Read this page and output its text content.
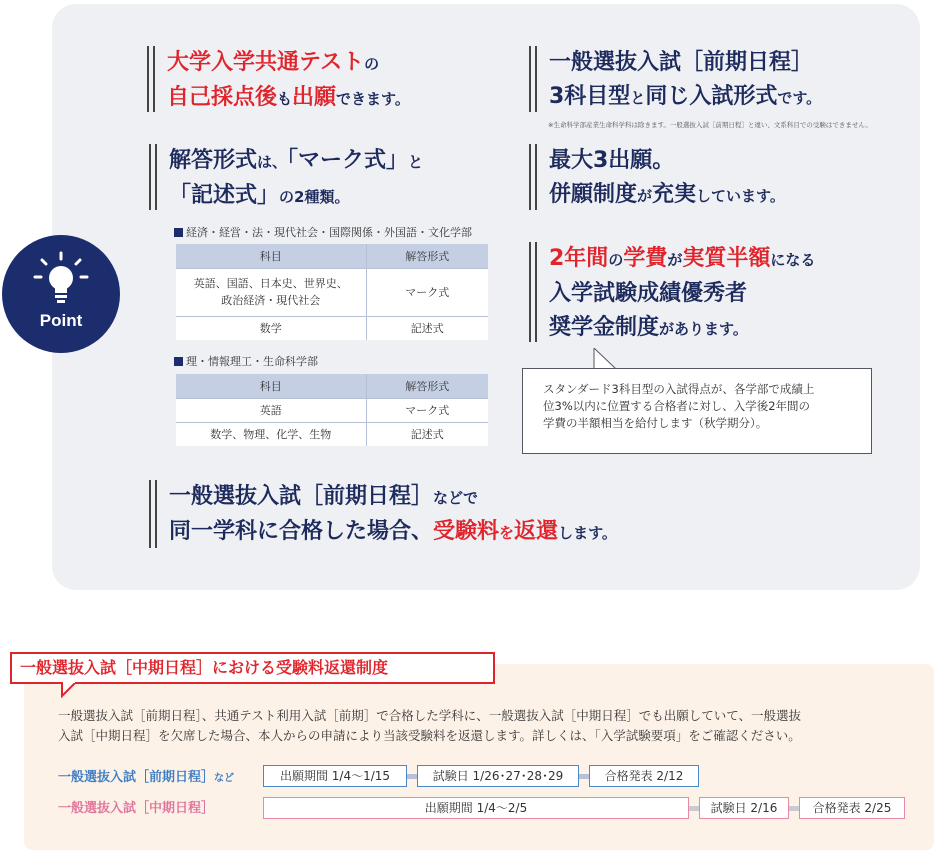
Point
大学入学共通テストの
自己採点後も出願できます。
一般選抜入試［前期日程］
3科目型と同じ入試形式です。
※生命科学部産業生命科学科は除きます。一般選抜入試［前期日程］と違い、文系科目での受験はできません。
解答形式は、「マーク式」と
「記述式」の2種類。
経済・経営・法・現代社会・国際関係・外国語・文化学部
科目	解答形式
英語、国語、日本史、世界史、
政治経済・現代社会	マーク式
数学	記述式
理・情報理工・生命科学部
科目	解答形式
英語	マーク式
数学、物理、化学、生物	記述式
最大3出願。
併願制度が充実しています。
2年間の学費が実質半額になる
入学試験成績優秀者
奨学金制度があります。
スタンダード3科目型の入試得点が、各学部で成績上
位3%以内に位置する合格者に対し、入学後2年間の
学費の半額相当を給付します（秋学期分）。
一般選抜入試［前期日程］などで
同一学科に合格した場合、受験料を返還します。
一般選抜入試［中期日程］における受験料返還制度
一般選抜入試［前期日程］、共通テスト利用入試［前期］で合格した学科に、一般選抜入試［中期日程］でも出願していて、一般選抜
入試［中期日程］を欠席した場合、本人からの申請により当該受験料を返還します。詳しくは、「入学試験要項」をご確認ください。
一般選抜入試［前期日程］など	出願期間 1/4〜1/15	試験日 1/26･27･28･29	合格発表 2/12
一般選抜入試［中期日程］	出願期間 1/4〜2/5	試験日 2/16	合格発表 2/25
